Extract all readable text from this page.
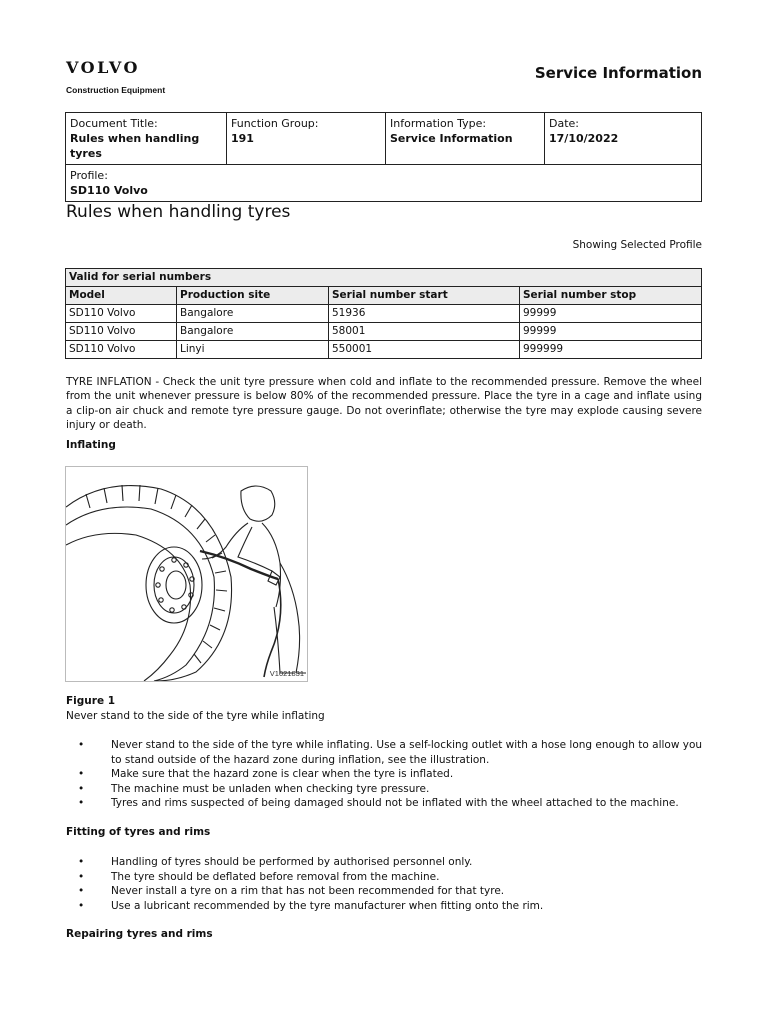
VOLVO
Construction Equipment
Service Information
Document Title:
Rules when handling tyres

Function Group:
191

Information Type:
Service Information

Date:
17/10/2022

Profile:
SD110 Volvo
Rules when handling tyres
Showing Selected Profile
Valid for serial numbers			
Model	Production site	Serial number start	Serial number stop
SD110 Volvo	Bangalore	51936	99999
SD110 Volvo	Bangalore	58001	99999
SD110 Volvo	Linyi	550001	999999
TYRE INFLATION - Check the unit tyre pressure when cold and inflate to the recommended pressure. Remove the wheel from the unit whenever pressure is below 80% of the recommended pressure. Place the tyre in a cage and inflate using a clip-on air chuck and remote tyre pressure gauge. Do not overinflate; otherwise the tyre may explode causing severe injury or death.
Inflating
V1021831
Figure 1
Never stand to the side of the tyre while inflating
• Never stand to the side of the tyre while inflating. Use a self-locking outlet with a hose long enough to allow you to stand outside of the hazard zone during inflation, see the illustration.
• Make sure that the hazard zone is clear when the tyre is inflated.
• The machine must be unladen when checking tyre pressure.
• Tyres and rims suspected of being damaged should not be inflated with the wheel attached to the machine.
Fitting of tyres and rims
• Handling of tyres should be performed by authorised personnel only.
• The tyre should be deflated before removal from the machine.
• Never install a tyre on a rim that has not been recommended for that tyre.
• Use a lubricant recommended by the tyre manufacturer when fitting onto the rim.
Repairing tyres and rims
